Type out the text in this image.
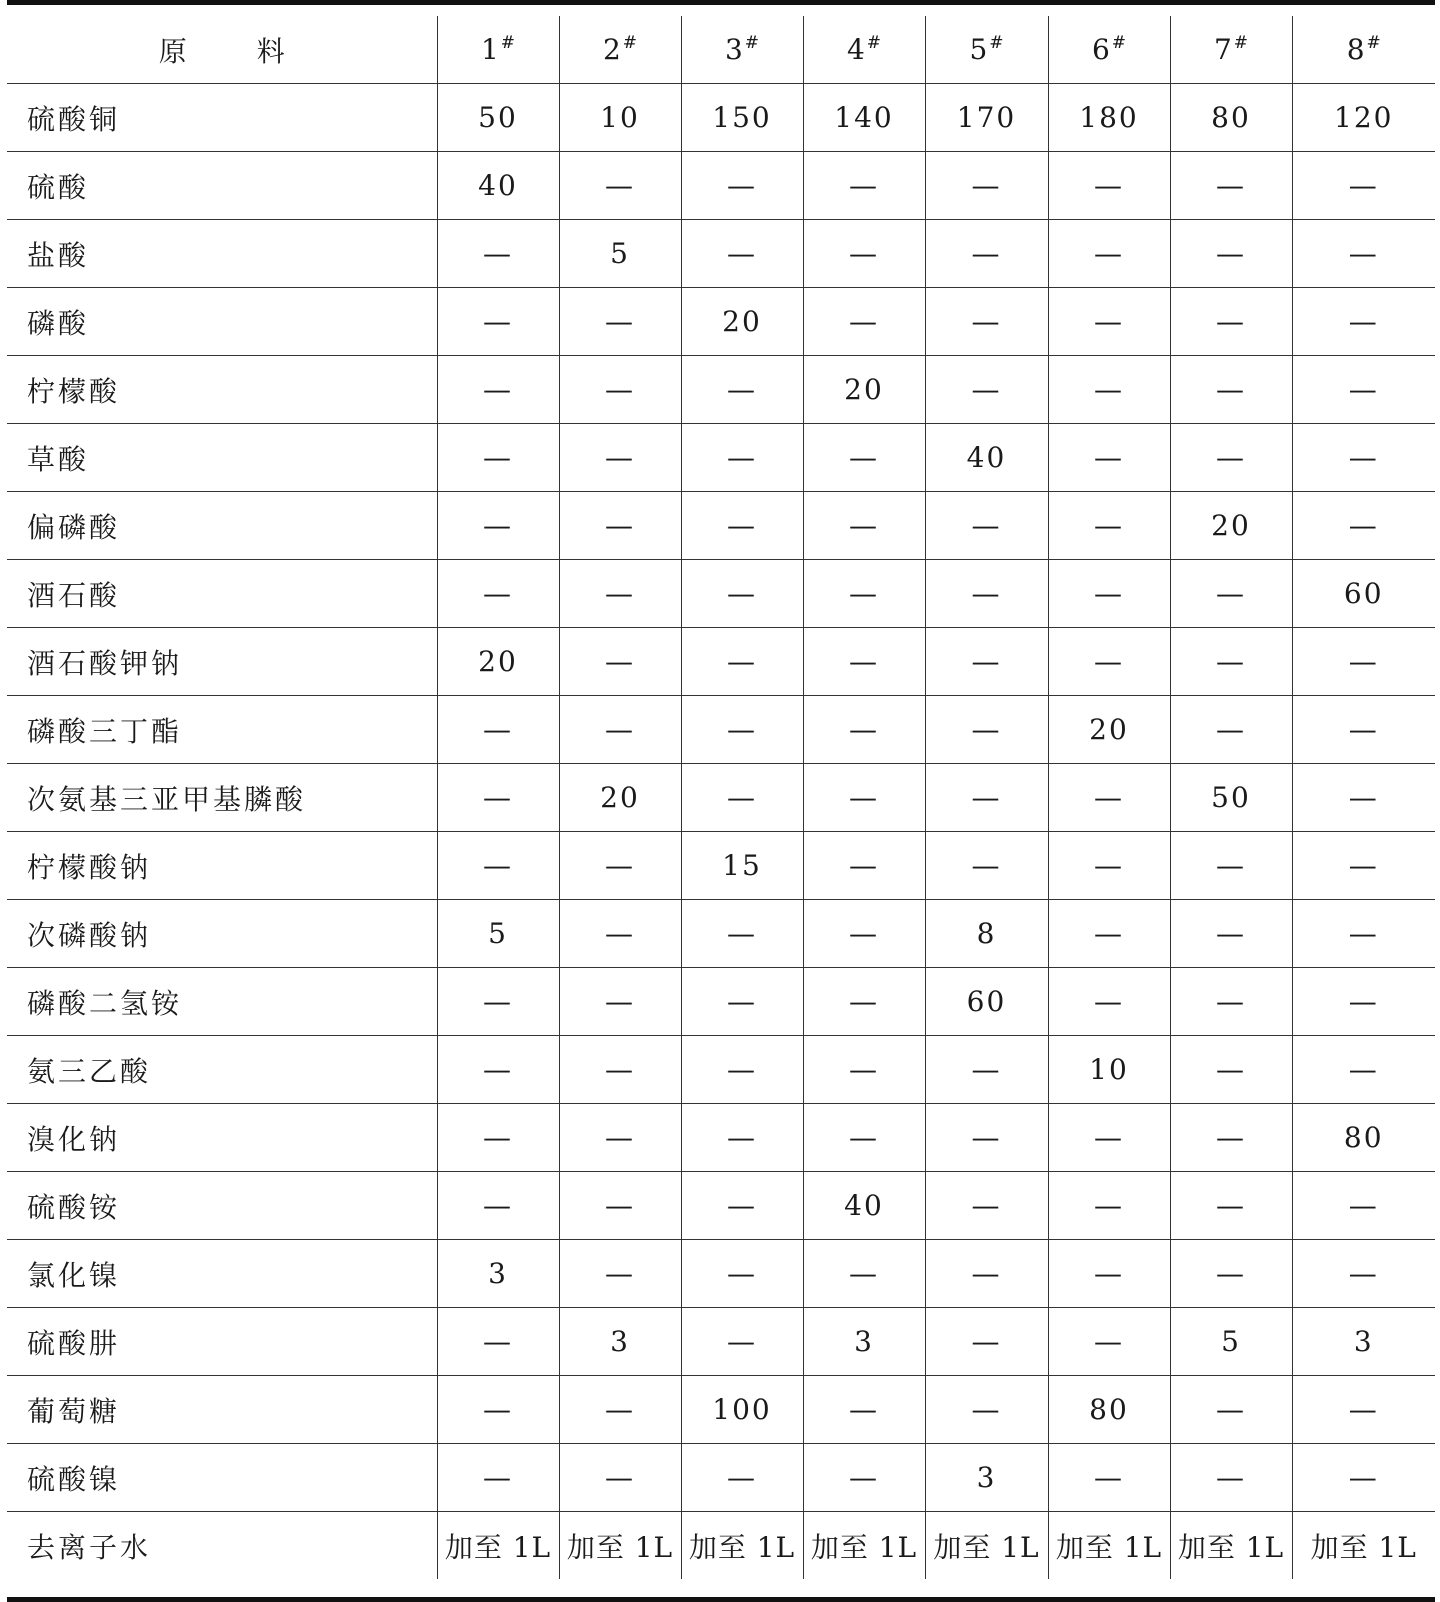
原 料	1#	2#	3#	4#	5#	6#	7#	8#
硫酸铜	50	10	150	140	170	180	80	120
硫酸	40	—	—	—	—	—	—	—
盐酸	—	5	—	—	—	—	—	—
磷酸	—	—	20	—	—	—	—	—
柠檬酸	—	—	—	20	—	—	—	—
草酸	—	—	—	—	40	—	—	—
偏磷酸	—	—	—	—	—	—	20	—
酒石酸	—	—	—	—	—	—	—	60
酒石酸钾钠	20	—	—	—	—	—	—	—
磷酸三丁酯	—	—	—	—	—	20	—	—
次氨基三亚甲基膦酸	—	20	—	—	—	—	50	—
柠檬酸钠	—	—	15	—	—	—	—	—
次磷酸钠	5	—	—	—	8	—	—	—
磷酸二氢铵	—	—	—	—	60	—	—	—
氨三乙酸	—	—	—	—	—	10	—	—
溴化钠	—	—	—	—	—	—	—	80
硫酸铵	—	—	—	40	—	—	—	—
氯化镍	3	—	—	—	—	—	—	—
硫酸肼	—	3	—	3	—	—	5	3
葡萄糖	—	—	100	—	—	80	—	—
硫酸镍	—	—	—	—	3	—	—	—
去离子水	加至 1L	加至 1L	加至 1L	加至 1L	加至 1L	加至 1L	加至 1L	加至 1L
